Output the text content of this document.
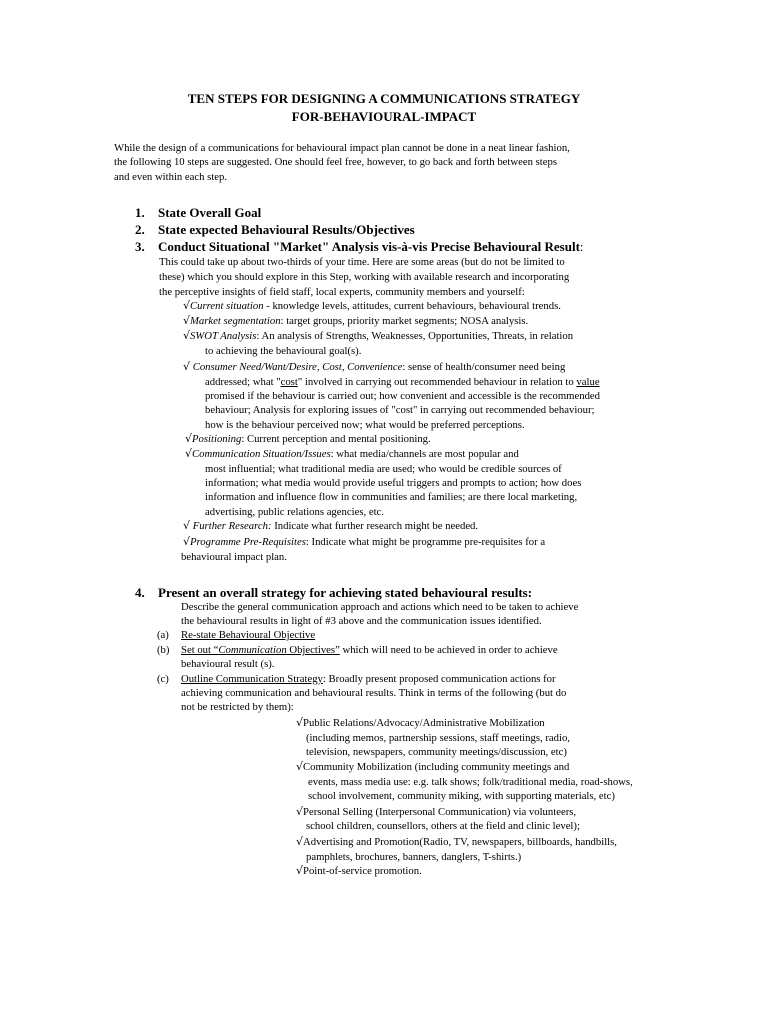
TEN STEPS FOR DESIGNING A COMMUNICATIONS STRATEGY
FOR-BEHAVIOURAL-IMPACT
While the design of a communications for behavioural impact plan cannot be done in a neat linear fashion,
the following 10 steps are suggested. One should feel free, however, to go back and forth between steps
and even within each step.
1. State Overall Goal
2. State expected Behavioural Results/Objectives
3. Conduct Situational "Market" Analysis vis-à-vis Precise Behavioural Result:
This could take up about two-thirds of your time. Here are some areas (but do not be limited to
these) which you should explore in this Step, working with available research and incorporating
the perceptive insights of field staff, local experts, community members and yourself:
√Current situation - knowledge levels, attitudes, current behaviours, behavioural trends.
√Market segmentation: target groups, priority market segments; NOSA analysis.
√SWOT Analysis: An analysis of Strengths, Weaknesses, Opportunities, Threats, in relation
to achieving the behavioural goal(s).
√ Consumer Need/Want/Desire, Cost, Convenience: sense of health/consumer need being
addressed; what "cost" involved in carrying out recommended behaviour in relation to value
promised if the behaviour is carried out; how convenient and accessible is the recommended
behaviour; Analysis for exploring issues of "cost" in carrying out recommended behaviour;
how is the behaviour perceived now; what would be preferred perceptions.
√Positioning: Current perception and mental positioning.
√Communication Situation/Issues: what media/channels are most popular and
most influential; what traditional media are used; who would be credible sources of
information; what media would provide useful triggers and prompts to action; how does
information and influence flow in communities and families; are there local marketing,
advertising, public relations agencies, etc.
√ Further Research: Indicate what further research might be needed.
√Programme Pre-Requisites: Indicate what might be programme pre-requisites for a
behavioural impact plan.
4. Present an overall strategy for achieving stated behavioural results:
Describe the general communication approach and actions which need to be taken to achieve
the behavioural results in light of #3 above and the communication issues identified.
(a) Re-state Behavioural Objective
(b) Set out “Communication Objectives” which will need to be achieved in order to achieve
behavioural result (s).
(c) Outline Communication Strategy: Broadly present proposed communication actions for
achieving communication and behavioural results. Think in terms of the following (but do
not be restricted by them):
√Public Relations/Advocacy/Administrative Mobilization
(including memos, partnership sessions, staff meetings, radio,
television, newspapers, community meetings/discussion, etc)
√Community Mobilization (including community meetings and
events, mass media use: e.g. talk shows; folk/traditional media, road-shows,
school involvement, community miking, with supporting materials, etc)
√Personal Selling (Interpersonal Communication) via volunteers,
school children, counsellors, others at the field and clinic level);
√Advertising and Promotion(Radio, TV, newspapers, billboards, handbills,
pamphlets, brochures, banners, danglers, T-shirts.)
√Point-of-service promotion.
